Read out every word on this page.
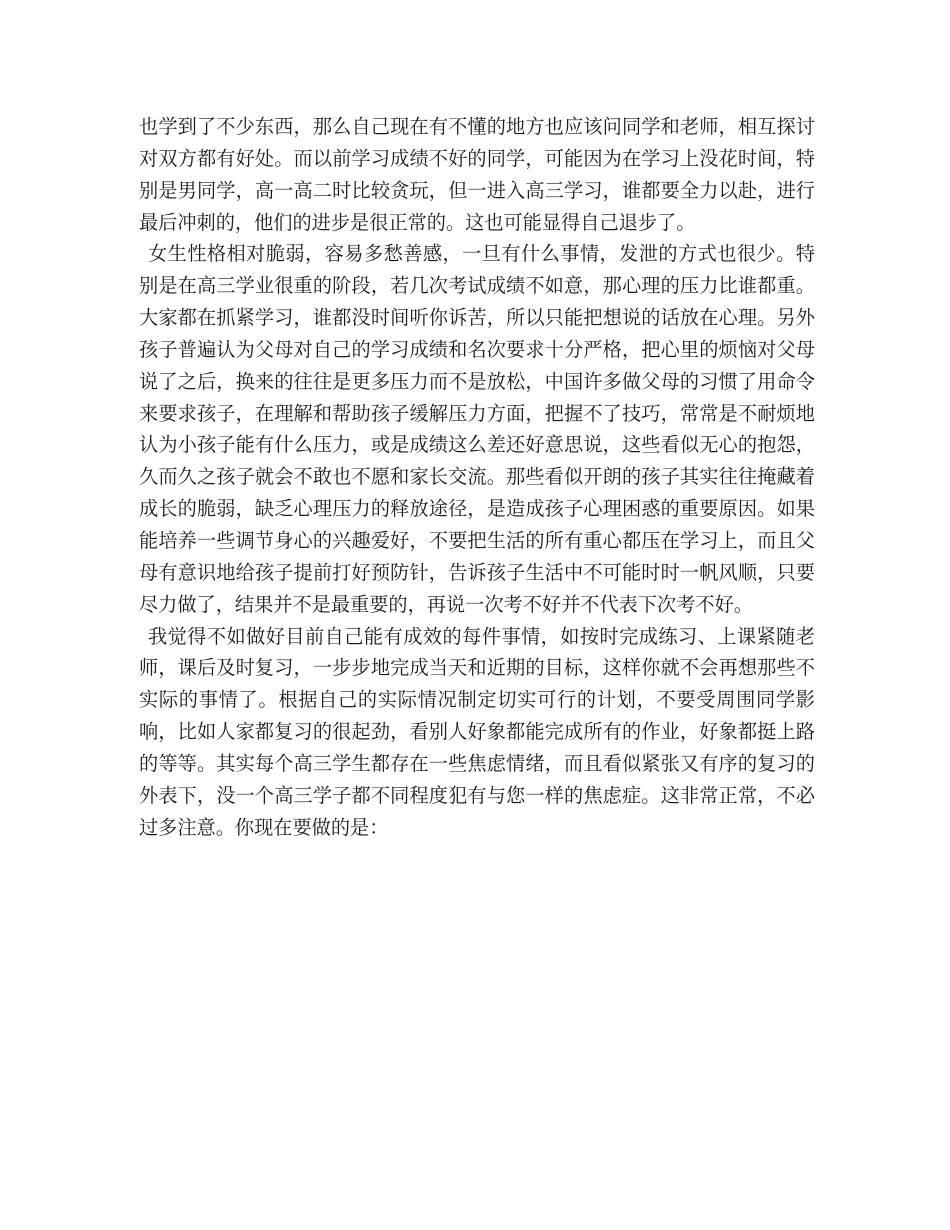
也学到了不少东西，那么自己现在有不懂的地方也应该问同学和老师，相互探讨对双方都有好处。而以前学习成绩不好的同学，可能因为在学习上没花时间，特别是男同学，高一高二时比较贪玩，但一进入高三学习，谁都要全力以赴，进行最后冲刺的，他们的进步是很正常的。这也可能显得自己退步了。

女生性格相对脆弱，容易多愁善感，一旦有什么事情，发泄的方式也很少。特别是在高三学业很重的阶段，若几次考试成绩不如意，那心理的压力比谁都重。大家都在抓紧学习，谁都没时间听你诉苦，所以只能把想说的话放在心理。另外孩子普遍认为父母对自己的学习成绩和名次要求十分严格，把心里的烦恼对父母说了之后，换来的往往是更多压力而不是放松，中国许多做父母的习惯了用命令来要求孩子，在理解和帮助孩子缓解压力方面，把握不了技巧，常常是不耐烦地认为小孩子能有什么压力，或是成绩这么差还好意思说，这些看似无心的抱怨，久而久之孩子就会不敢也不愿和家长交流。那些看似开朗的孩子其实往往掩藏着成长的脆弱，缺乏心理压力的释放途径，是造成孩子心理困惑的重要原因。如果能培养一些调节身心的兴趣爱好，不要把生活的所有重心都压在学习上，而且父母有意识地给孩子提前打好预防针，告诉孩子生活中不可能时时一帆风顺，只要尽力做了，结果并不是最重要的，再说一次考不好并不代表下次考不好。

我觉得不如做好目前自己能有成效的每件事情，如按时完成练习、上课紧随老师，课后及时复习，一步步地完成当天和近期的目标，这样你就不会再想那些不实际的事情了。根据自己的实际情况制定切实可行的计划，不要受周围同学影响，比如人家都复习的很起劲，看别人好象都能完成所有的作业，好象都挺上路的等等。其实每个高三学生都存在一些焦虑情绪，而且看似紧张又有序的复习的外表下，没一个高三学子都不同程度犯有与您一样的焦虑症。这非常正常，不必过多注意。你现在要做的是：
